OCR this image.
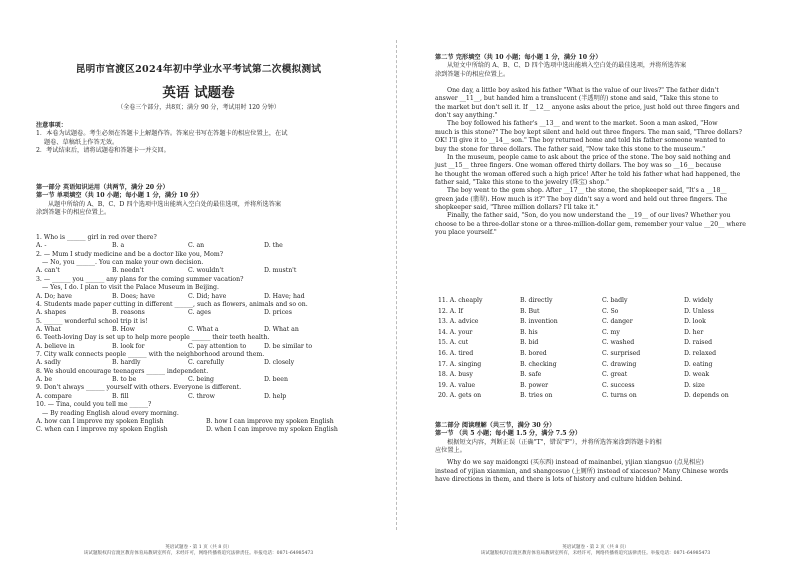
昆明市官渡区2024年初中学业水平考试第二次模拟测试
英语 试题卷
（全卷三个部分，共8页；满分 90 分，考试用时 120 分钟）
注意事项：
1．本卷为试题卷。考生必须在答题卡上解题作答。答案应书写在答题卡的相应位置上，在试
题卷、草稿纸上作答无效。
2．考试结束后，请将试题卷和答题卡一并交回。
第一部分 英语知识运用（共两节，满分 20 分）
第一节 单项填空（共 10 小题；每小题 1 分，满分 10 分）
从题中所给的 A、B、C、D 四个选项中选出能填入空白处的最佳选项，并将所选答案
涂到答题卡的相应位置上。
1. Who is ______ girl in red over there?
A. -	B. a	C. an	D. the
2. — Mum I study medicine and be a doctor like you, Mom?
— No, you ______. You can make your own decision.
A. can't	B. needn't	C. wouldn't	D. mustn't
3. — ______ you ______ any plans for the coming summer vacation?
— Yes, I do. I plan to visit the Palace Museum in Beijing.
A. Do; have	B. Does; have	C. Did; have	D. Have; had
4. Students made paper cutting in different ______, such as flowers, animals and so on.
A. shapes	B. reasons	C. ages	D. prices
5. ______ wonderful school trip it is!
A. What	B. How	C. What a	D. What an
6. Teeth-loving Day is set up to help more people ______ their teeth health.
A. believe in	B. look for	C. pay attention to	D. be similar to
7. City walk connects people ______ with the neighborhood around them.
A. sadly	B. hardly	C. carefully	D. closely
8. We should encourage teenagers ______ independent.
A. be	B. to be	C. being	D. been
9. Don't always ______ yourself with others. Everyone is different.
A. compare	B. fill	C. throw	D. help
10. — Tina, could you tell me ______?
— By reading English aloud every morning.
A. how can I improve my spoken English	B. how I can improve my spoken English
C. when can I improve my spoken English	D. when I can improve my spoken English
英语试题卷・第 1 页（共 8 页）
该试题版权归官渡区教育体育局教研室所有，未经许可，网络传播将追究法律责任。举报电话：0871-64985473
第二节 完形填空（共 10 小题；每小题 1 分，满分 10 分）
从短文中所给的 A、B、C、D 四个选项中选出能填入空白处的最佳选项，并将所选答案
涂到答题卡的相应位置上。
One day, a little boy asked his father "What is the value of our lives?" The father didn't
answer __11__, but handed him a translucent (半透明的) stone and said, "Take this stone to
the market but don't sell it. If __12__ anyone asks about the price, just hold out three fingers and
don't say anything."
The boy followed his father's __13__ and went to the market. Soon a man asked, "How
much is this stone?" The boy kept silent and held out three fingers. The man said, "Three dollars?
OK! I'll give it to __14__ son." The boy returned home and told his father someone wanted to
buy the stone for three dollars. The father said, "Now take this stone to the museum."
In the museum, people came to ask about the price of the stone. The boy said nothing and
just __15__ three fingers. One woman offered thirty dollars. The boy was so __16__ because
he thought the woman offered such a high price! After he told his father what had happened, the
father said, "Take this stone to the jewelry (珠宝) shop."
The boy went to the gem shop. After __17__ the stone, the shopkeeper said, "It's a __18__
green jade (翡翠). How much is it?" The boy didn't say a word and held out three fingers. The
shopkeeper said, "Three million dollars? I'll take it."
Finally, the father said, "Son, do you now understand the __19__ of our lives? Whether you
choose to be a three-dollar stone or a three-million-dollar gem, remember your value __20__ where
you place yourself."
11. A. cheaply	B. directly	C. badly	D. widely
12. A. If	B. But	C. So	D. Unless
13. A. advice	B. invention	C. danger	D. look
14. A. your	B. his	C. my	D. her
15. A. cut	B. bid	C. washed	D. raised
16. A. tired	B. bored	C. surprised	D. relaxed
17. A. singing	B. checking	C. drawing	D. eating
18. A. busy	B. safe	C. great	D. weak
19. A. value	B. power	C. success	D. size
20. A. gets on	B. tries on	C. turns on	D. depends on
第二部分 阅读理解（共三节，满分 30 分）
第一节 （共 5 小题；每小题 1.5 分，满分 7.5 分）
根据短文内容，判断正误（正确"T"，错误"F"），并将所选答案涂到答题卡的相
应位置上。
Why do we say maidongxi (买东西) instead of mainanbei, yijian xiangsuo (点见相应)
instead of yijian xianmian, and shangcesuo (上厕所) instead of xiacesuo? Many Chinese words
have directions in them, and there is lots of history and culture hidden behind.
英语试题卷・第 2 页（共 8 页）
该试题版权归官渡区教育体育局教研室所有，未经许可，网络传播将追究法律责任。举报电话：0871-64985473
